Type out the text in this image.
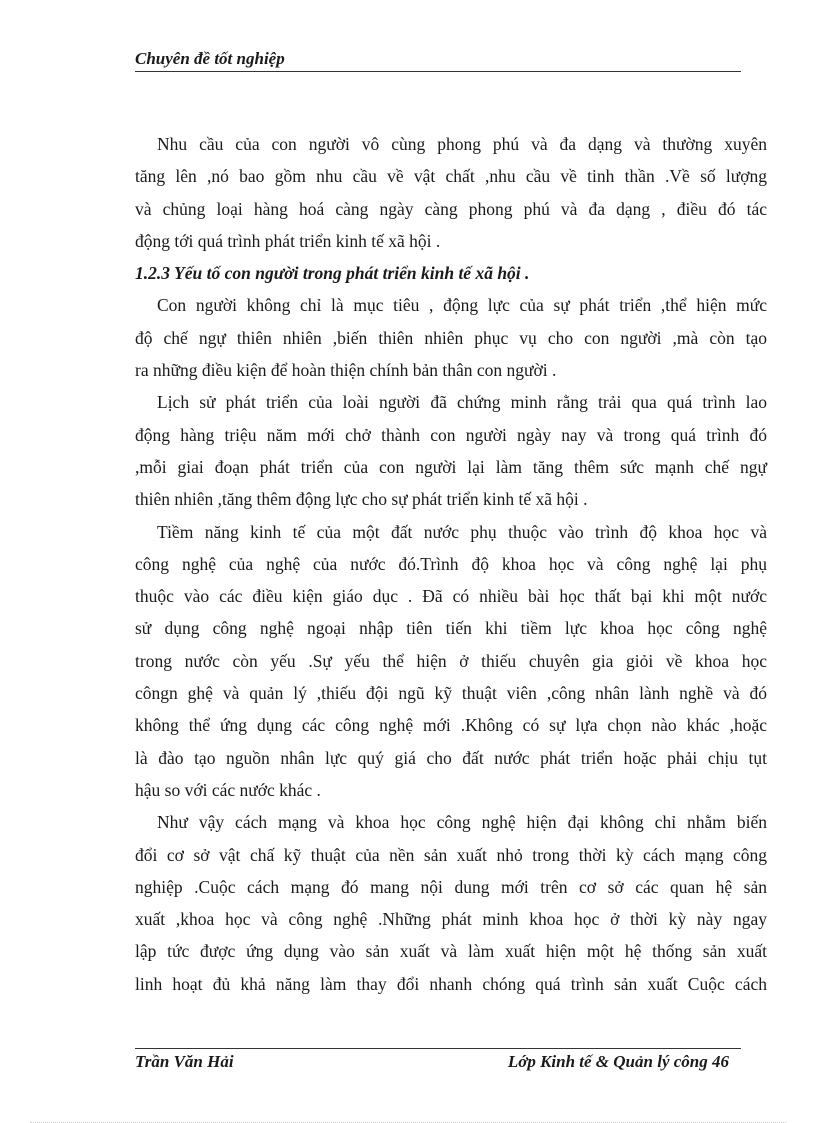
Chuyên đề tốt nghiệp
Nhu cầu của con người vô cùng phong phú và đa dạng và thường xuyên
tăng lên ,nó bao gồm nhu cầu về vật chất ,nhu cầu về tinh thần .Về số lượng
và chủng loại hàng hoá càng ngày càng phong phú và đa dạng , điều đó tác
động tới quá trình phát triển kinh tế xã hội .
1.2.3 Yếu tố con người trong phát triển kinh tế xã hội .
Con người không chỉ là mục tiêu , động lực của sự phát triển ,thể hiện mức
độ chế ngự thiên nhiên ,biến thiên nhiên phục vụ cho con người ,mà còn tạo
ra những điều kiện để hoàn thiện chính bản thân con người .
Lịch sử phát triển của loài người đã chứng minh rằng trải qua quá trình lao
động hàng triệu năm mới chở thành con người ngày nay và trong quá trình đó
,mỗi giai đoạn phát triển của con người lại làm tăng thêm sức mạnh chế ngự
thiên nhiên ,tăng thêm động lực cho sự phát triển kinh tế xã hội .
Tiềm năng kinh tế của một đất nước phụ thuộc vào trình độ khoa học và
công nghệ của nghệ của nước đó.Trình độ khoa học và công nghệ lại phụ
thuộc vào các điều kiện giáo dục . Đã có nhiều bài học thất bại khi một nước
sử dụng công nghệ ngoại nhập tiên tiến khi tiềm lực khoa học công nghệ
trong nước còn yếu .Sự yếu thể hiện ở thiếu chuyên gia giỏi về khoa học
côngn ghệ và quản lý ,thiếu đội ngũ kỹ thuật viên ,công nhân lành nghề và đó
không thể ứng dụng các công nghệ mới .Không có sự lựa chọn nào khác ,hoặc
là đào tạo nguồn nhân lực quý giá cho đất nước phát triển hoặc phải chịu tụt
hậu so với các nước khác .
Như vậy cách mạng và khoa học công nghệ hiện đại không chỉ nhằm biến
đổi cơ sở vật chấ kỹ thuật của nền sản xuất nhỏ trong thời kỳ cách mạng công
nghiệp .Cuộc cách mạng đó mang nội dung mới trên cơ sở các quan hệ sản
xuất ,khoa học và công nghệ .Những phát minh khoa học ở thời kỳ này ngay
lập tức được ứng dụng vào sản xuất và làm xuất hiện một hệ thống sản xuất
linh hoạt đủ khả năng làm thay đổi nhanh chóng quá trình sản xuất Cuộc cách
Trần Văn Hải	Lớp Kinh tế & Quản lý công 46
